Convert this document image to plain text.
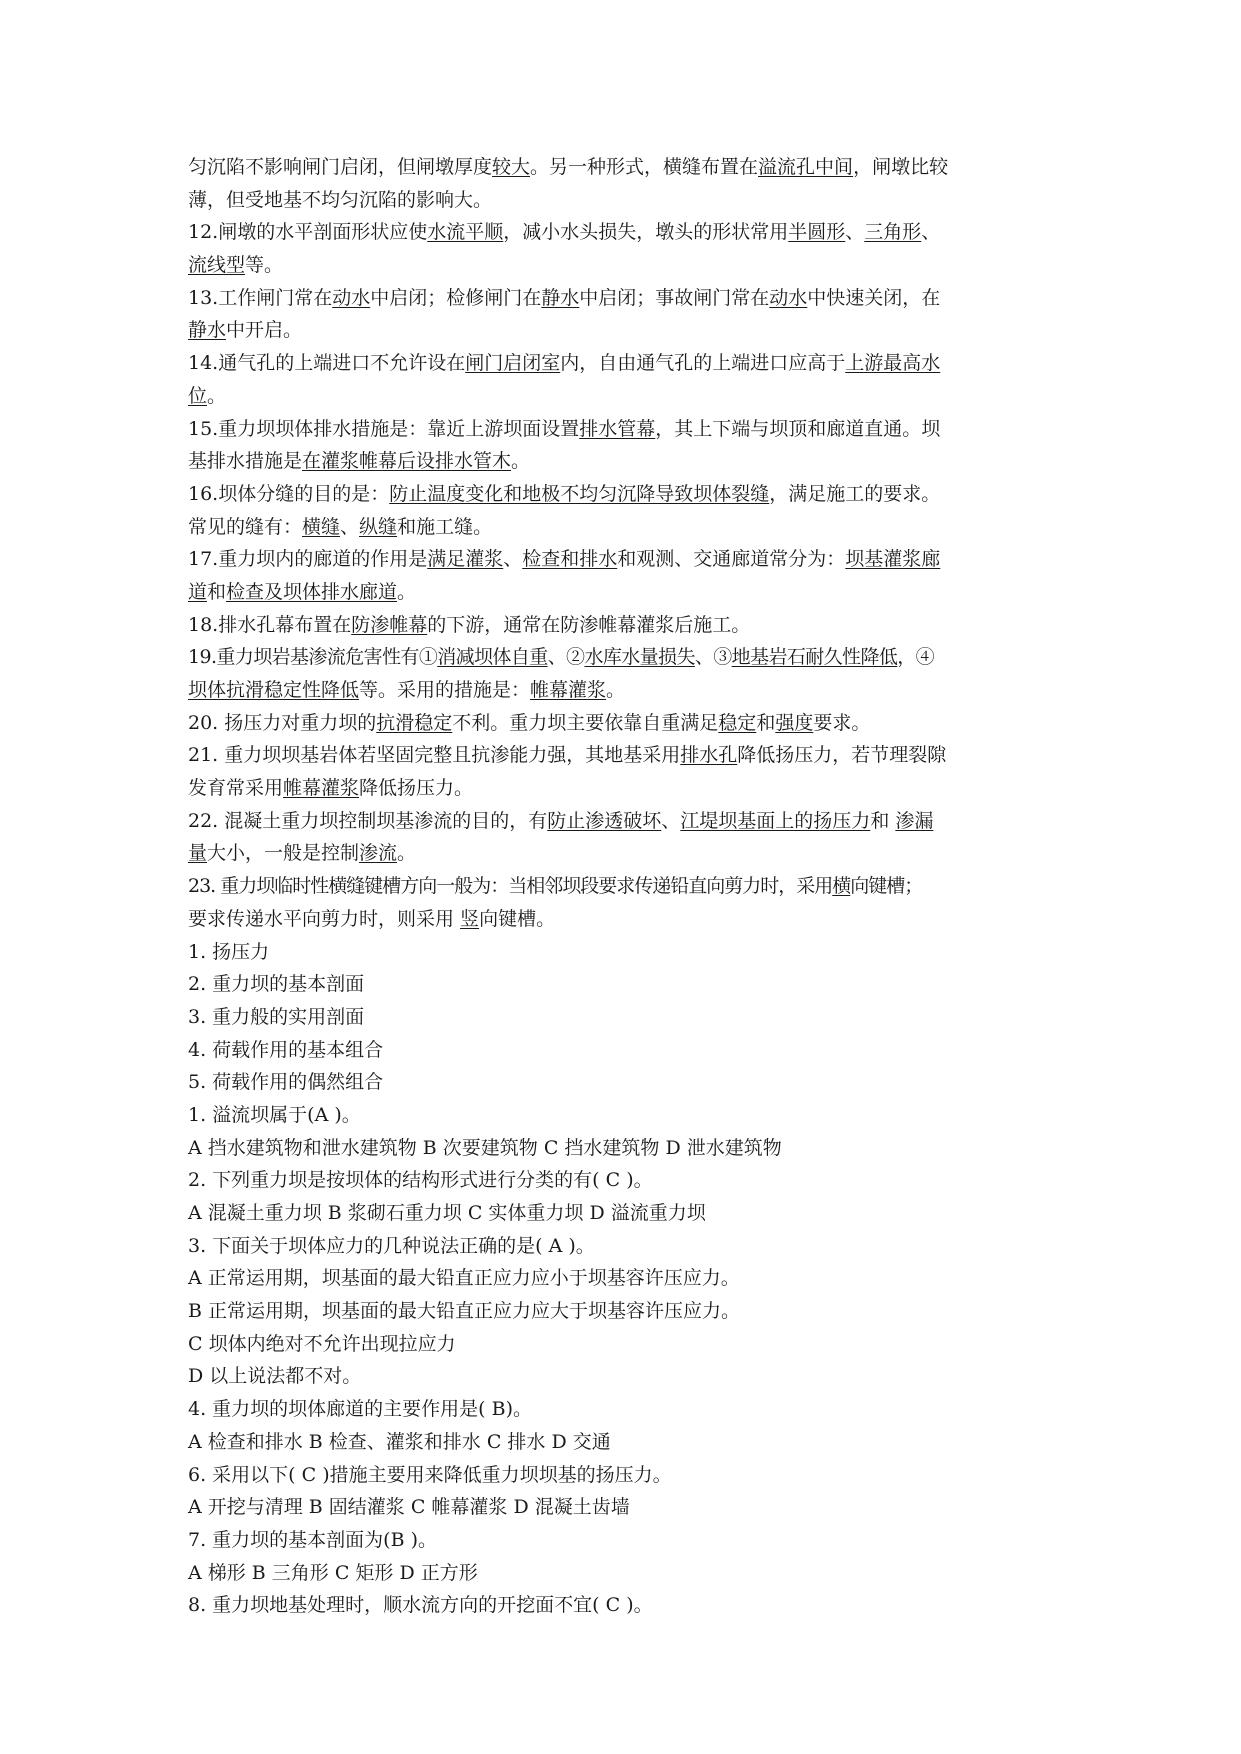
匀沉陷不影响闸门启闭，但闸墩厚度较大。另一种形式，横缝布置在溢流孔中间，闸墩比较
薄，但受地基不均匀沉陷的影响大。
12.闸墩的水平剖面形状应使水流平顺，减小水头损失，墩头的形状常用半圆形、三角形、
流线型等。
13.工作闸门常在动水中启闭；检修闸门在静水中启闭；事故闸门常在动水中快速关闭，在
静水中开启。
14.通气孔的上端进口不允许设在闸门启闭室内，自由通气孔的上端进口应高于上游最高水
位。
15.重力坝坝体排水措施是：靠近上游坝面设置排水管幕，其上下端与坝顶和廊道直通。坝
基排水措施是在灌浆帷幕后设排水管木。
16.坝体分缝的目的是：防止温度变化和地极不均匀沉降导致坝体裂缝，满足施工的要求。
常见的缝有：横缝、纵缝和施工缝。
17.重力坝内的廊道的作用是满足灌浆、检查和排水和观测、交通廊道常分为：坝基灌浆廊
道和检查及坝体排水廊道。
18.排水孔幕布置在防渗帷幕的下游，通常在防渗帷幕灌浆后施工。
19.重力坝岩基渗流危害性有①消减坝体自重、②水库水量损失、③地基岩石耐久性降低，④
坝体抗滑稳定性降低等。采用的措施是：帷幕灌浆。
20. 扬压力对重力坝的抗滑稳定不利。重力坝主要依靠自重满足稳定和强度要求。
21. 重力坝坝基岩体若坚固完整且抗渗能力强，其地基采用排水孔降低扬压力，若节理裂隙
发育常采用帷幕灌浆降低扬压力。
22. 混凝土重力坝控制坝基渗流的目的，有防止渗透破坏、江堤坝基面上的扬压力和 渗漏
量大小，一般是控制渗流。
23. 重力坝临时性横缝键槽方向一般为：当相邻坝段要求传递铅直向剪力时，采用横向键槽；
要求传递水平向剪力时，则采用 竖向键槽。
1. 扬压力
2. 重力坝的基本剖面
3. 重力般的实用剖面
4. 荷载作用的基本组合
5. 荷载作用的偶然组合
1. 溢流坝属于(A )。
A 挡水建筑物和泄水建筑物 B 次要建筑物 C 挡水建筑物 D 泄水建筑物
2. 下列重力坝是按坝体的结构形式进行分类的有( C )。
A 混凝土重力坝 B 浆砌石重力坝 C 实体重力坝 D 溢流重力坝
3. 下面关于坝体应力的几种说法正确的是( A )。
A 正常运用期，坝基面的最大铅直正应力应小于坝基容许压应力。
B 正常运用期，坝基面的最大铅直正应力应大于坝基容许压应力。
C 坝体内绝对不允许出现拉应力
D 以上说法都不对。
4. 重力坝的坝体廊道的主要作用是( B)。
A 检查和排水 B 检查、灌浆和排水 C 排水 D 交通
6. 采用以下( C )措施主要用来降低重力坝坝基的扬压力。
A 开挖与清理 B 固结灌浆 C 帷幕灌浆 D 混凝土齿墙
7. 重力坝的基本剖面为(B )。
A 梯形 B 三角形 C 矩形 D 正方形
8. 重力坝地基处理时，顺水流方向的开挖面不宜( C )。
